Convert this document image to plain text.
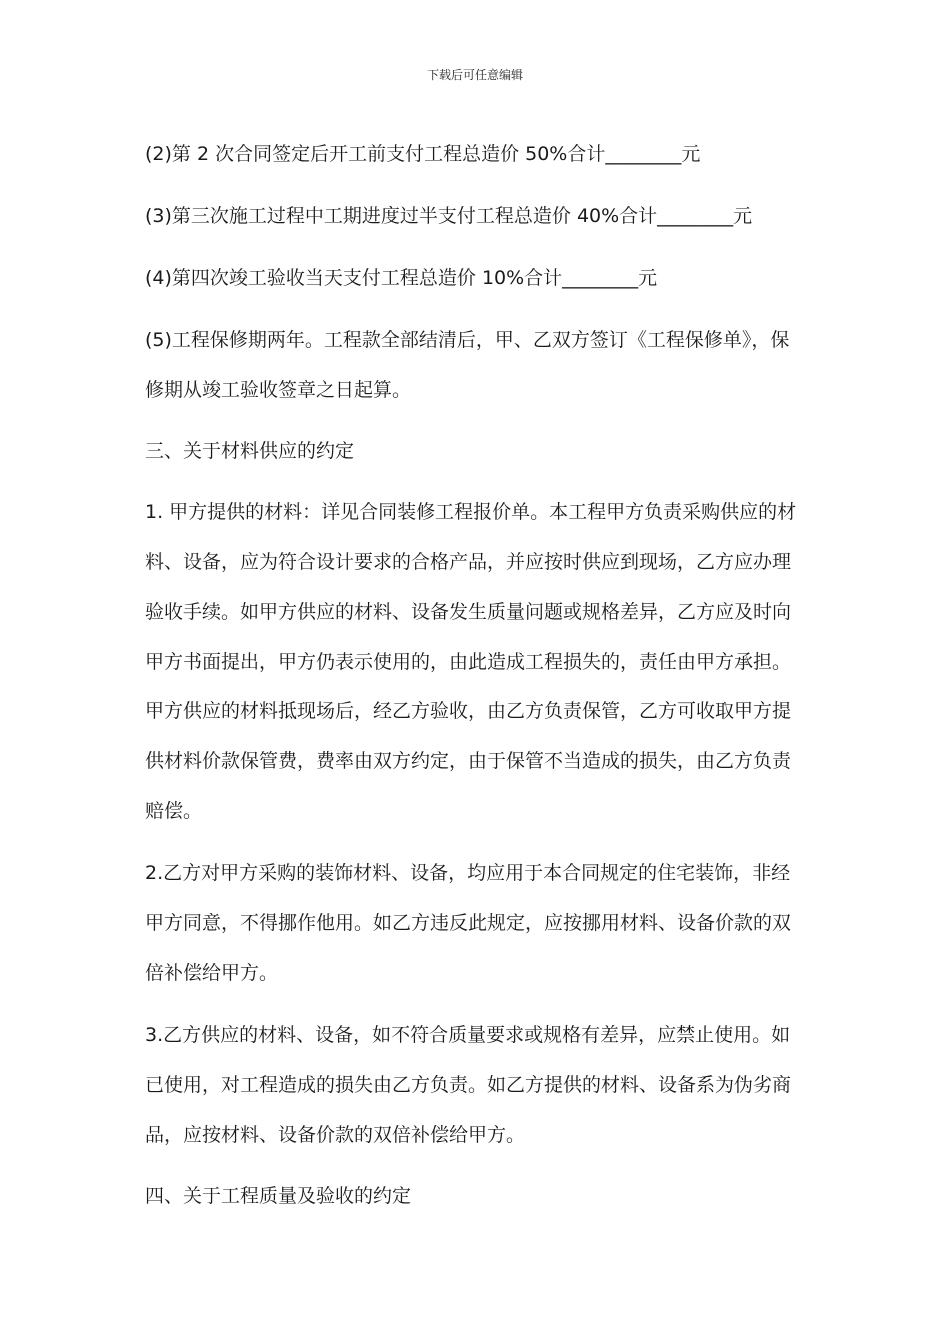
下载后可任意编辑
(2)第 2 次合同签定后开工前支付工程总造价 50%合计________元
(3)第三次施工过程中工期进度过半支付工程总造价 40%合计________元
(4)第四次竣工验收当天支付工程总造价 10%合计________元
(5)工程保修期两年。工程款全部结清后，甲、乙双方签订《工程保修单》，保
修期从竣工验收签章之日起算。
三、关于材料供应的约定
1. 甲方提供的材料：详见合同装修工程报价单。本工程甲方负责采购供应的材
料、设备，应为符合设计要求的合格产品，并应按时供应到现场，乙方应办理
验收手续。如甲方供应的材料、设备发生质量问题或规格差异，乙方应及时向
甲方书面提出，甲方仍表示使用的，由此造成工程损失的，责任由甲方承担。
甲方供应的材料抵现场后，经乙方验收，由乙方负责保管，乙方可收取甲方提
供材料价款保管费，费率由双方约定，由于保管不当造成的损失，由乙方负责
赔偿。
2.乙方对甲方采购的装饰材料、设备，均应用于本合同规定的住宅装饰，非经
甲方同意，不得挪作他用。如乙方违反此规定，应按挪用材料、设备价款的双
倍补偿给甲方。
3.乙方供应的材料、设备，如不符合质量要求或规格有差异，应禁止使用。如
已使用，对工程造成的损失由乙方负责。如乙方提供的材料、设备系为伪劣商
品，应按材料、设备价款的双倍补偿给甲方。
四、关于工程质量及验收的约定
